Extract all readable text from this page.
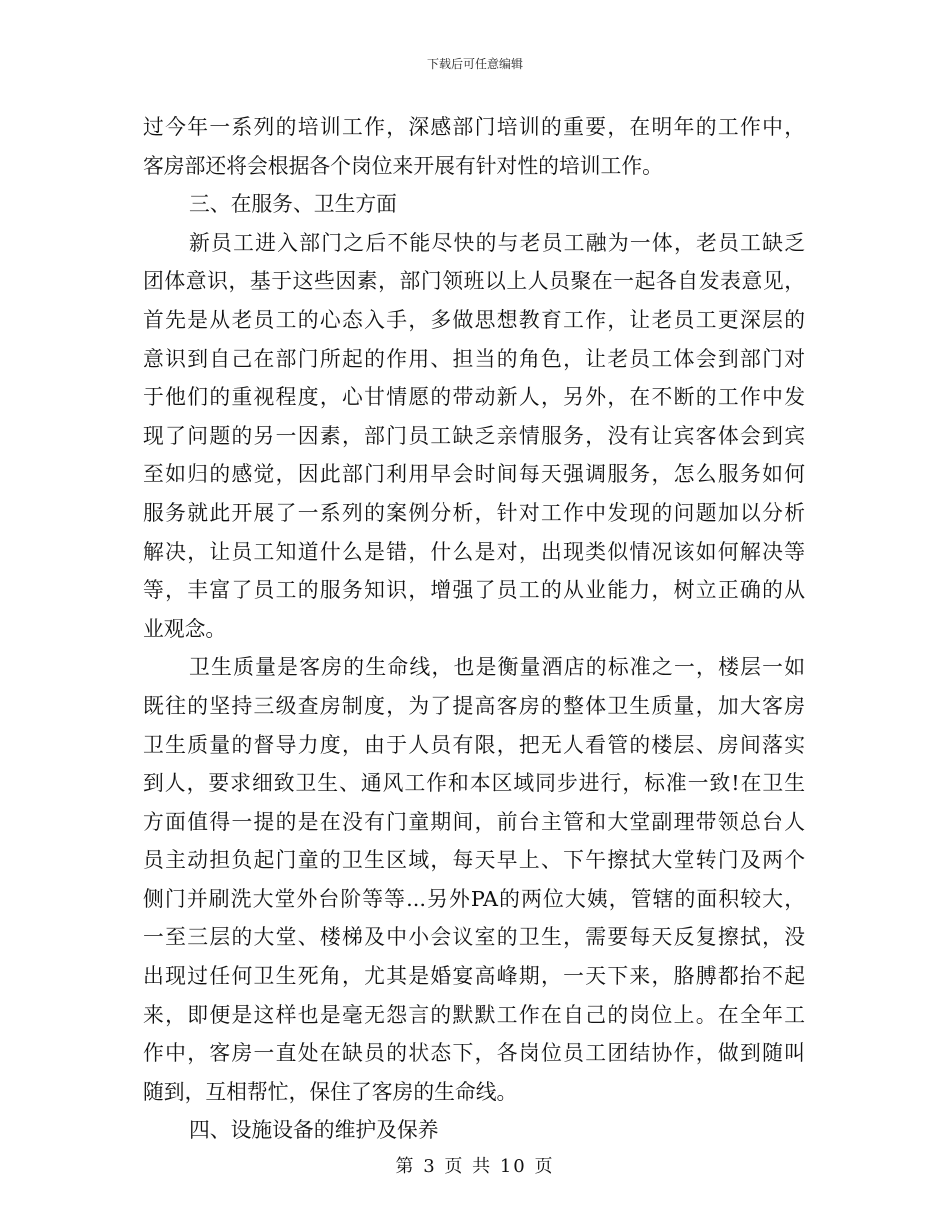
下载后可任意编辑
过今年一系列的培训工作，深感部门培训的重要，在明年的工作中，
客房部还将会根据各个岗位来开展有针对性的培训工作。
三、在服务、卫生方面
新员工进入部门之后不能尽快的与老员工融为一体，老员工缺乏
团体意识，基于这些因素，部门领班以上人员聚在一起各自发表意见，
首先是从老员工的心态入手，多做思想教育工作，让老员工更深层的
意识到自己在部门所起的作用、担当的角色，让老员工体会到部门对
于他们的重视程度，心甘情愿的带动新人，另外，在不断的工作中发
现了问题的另一因素，部门员工缺乏亲情服务，没有让宾客体会到宾
至如归的感觉，因此部门利用早会时间每天强调服务，怎么服务如何
服务就此开展了一系列的案例分析，针对工作中发现的问题加以分析
解决，让员工知道什么是错，什么是对，出现类似情况该如何解决等
等，丰富了员工的服务知识，增强了员工的从业能力，树立正确的从
业观念。
卫生质量是客房的生命线，也是衡量酒店的标准之一，楼层一如
既往的坚持三级查房制度，为了提高客房的整体卫生质量，加大客房
卫生质量的督导力度，由于人员有限，把无人看管的楼层、房间落实
到人，要求细致卫生、通风工作和本区域同步进行，标准一致!在卫生
方面值得一提的是在没有门童期间，前台主管和大堂副理带领总台人
员主动担负起门童的卫生区域，每天早上、下午擦拭大堂转门及两个
侧门并刷洗大堂外台阶等等...另外PA的两位大姨，管辖的面积较大，
一至三层的大堂、楼梯及中小会议室的卫生，需要每天反复擦拭，没
出现过任何卫生死角，尤其是婚宴高峰期，一天下来，胳膊都抬不起
来，即便是这样也是毫无怨言的默默工作在自己的岗位上。在全年工
作中，客房一直处在缺员的状态下，各岗位员工团结协作，做到随叫
随到，互相帮忙，保住了客房的生命线。
四、设施设备的维护及保养
第 3 页 共 10 页
